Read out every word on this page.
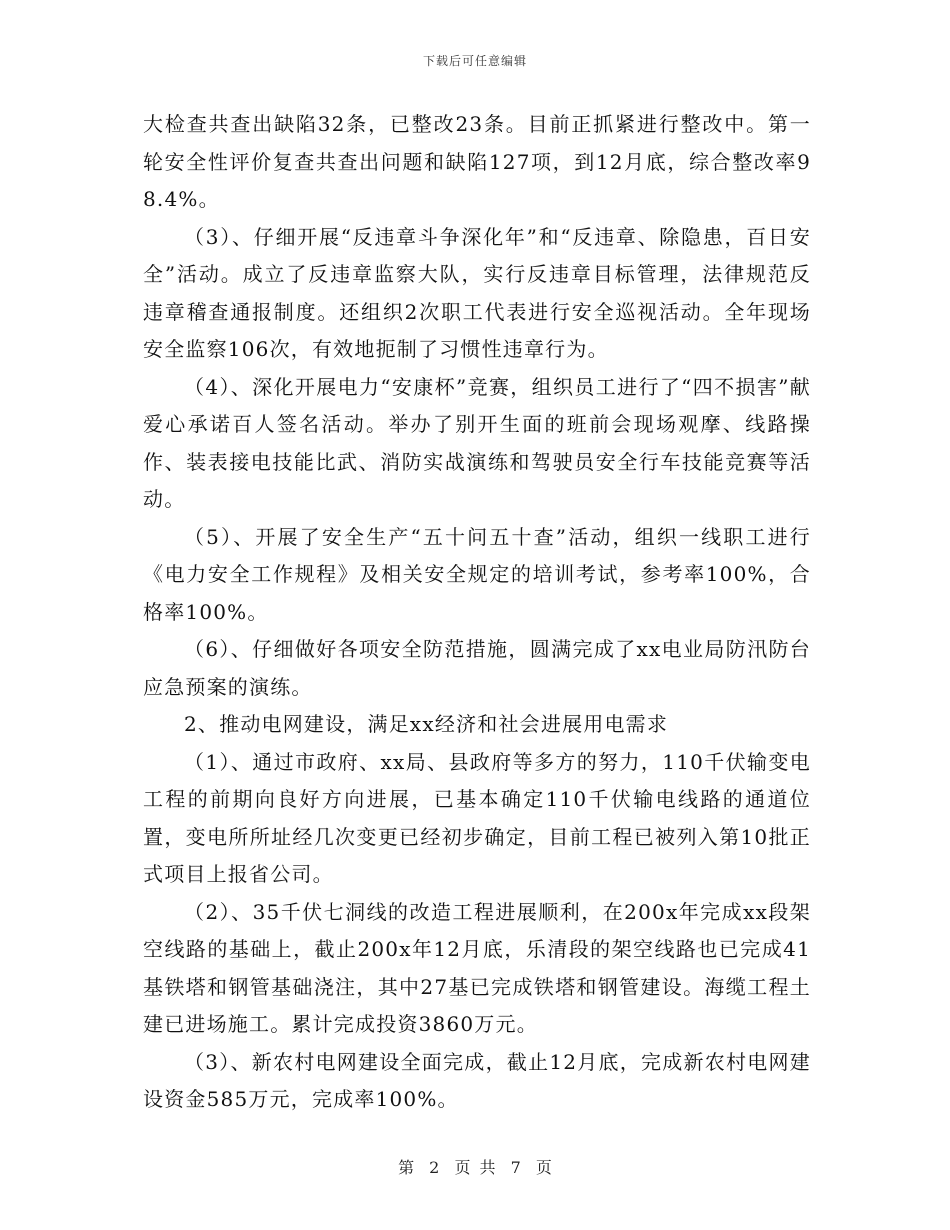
下载后可任意编辑

大检查共查出缺陷32条，已整改23条。目前正抓紧进行整改中。第一轮安全性评价复查共查出问题和缺陷127项，到12月底，综合整改率98.4%。

（3）、仔细开展“反违章斗争深化年”和“反违章、除隐患，百日安全”活动。成立了反违章监察大队，实行反违章目标管理，法律规范反违章稽查通报制度。还组织2次职工代表进行安全巡视活动。全年现场安全监察106次，有效地扼制了习惯性违章行为。

（4）、深化开展电力“安康杯”竞赛，组织员工进行了“四不损害”献爱心承诺百人签名活动。举办了别开生面的班前会现场观摩、线路操作、装表接电技能比武、消防实战演练和驾驶员安全行车技能竞赛等活动。

（5）、开展了安全生产“五十问五十查”活动，组织一线职工进行《电力安全工作规程》及相关安全规定的培训考试，参考率100%，合格率100%。

（6）、仔细做好各项安全防范措施，圆满完成了xx电业局防汛防台应急预案的演练。

2、推动电网建设，满足xx经济和社会进展用电需求

（1）、通过市政府、xx局、县政府等多方的努力，110千伏输变电工程的前期向良好方向进展，已基本确定110千伏输电线路的通道位置，变电所所址经几次变更已经初步确定，目前工程已被列入第10批正式项目上报省公司。

（2）、35千伏七洞线的改造工程进展顺利，在200x年完成xx段架空线路的基础上，截止200x年12月底，乐清段的架空线路也已完成41基铁塔和钢管基础浇注，其中27基已完成铁塔和钢管建设。海缆工程土建已进场施工。累计完成投资3860万元。

（3）、新农村电网建设全面完成，截止12月底，完成新农村电网建设资金585万元，完成率100%。

第 2 页 共 7 页
